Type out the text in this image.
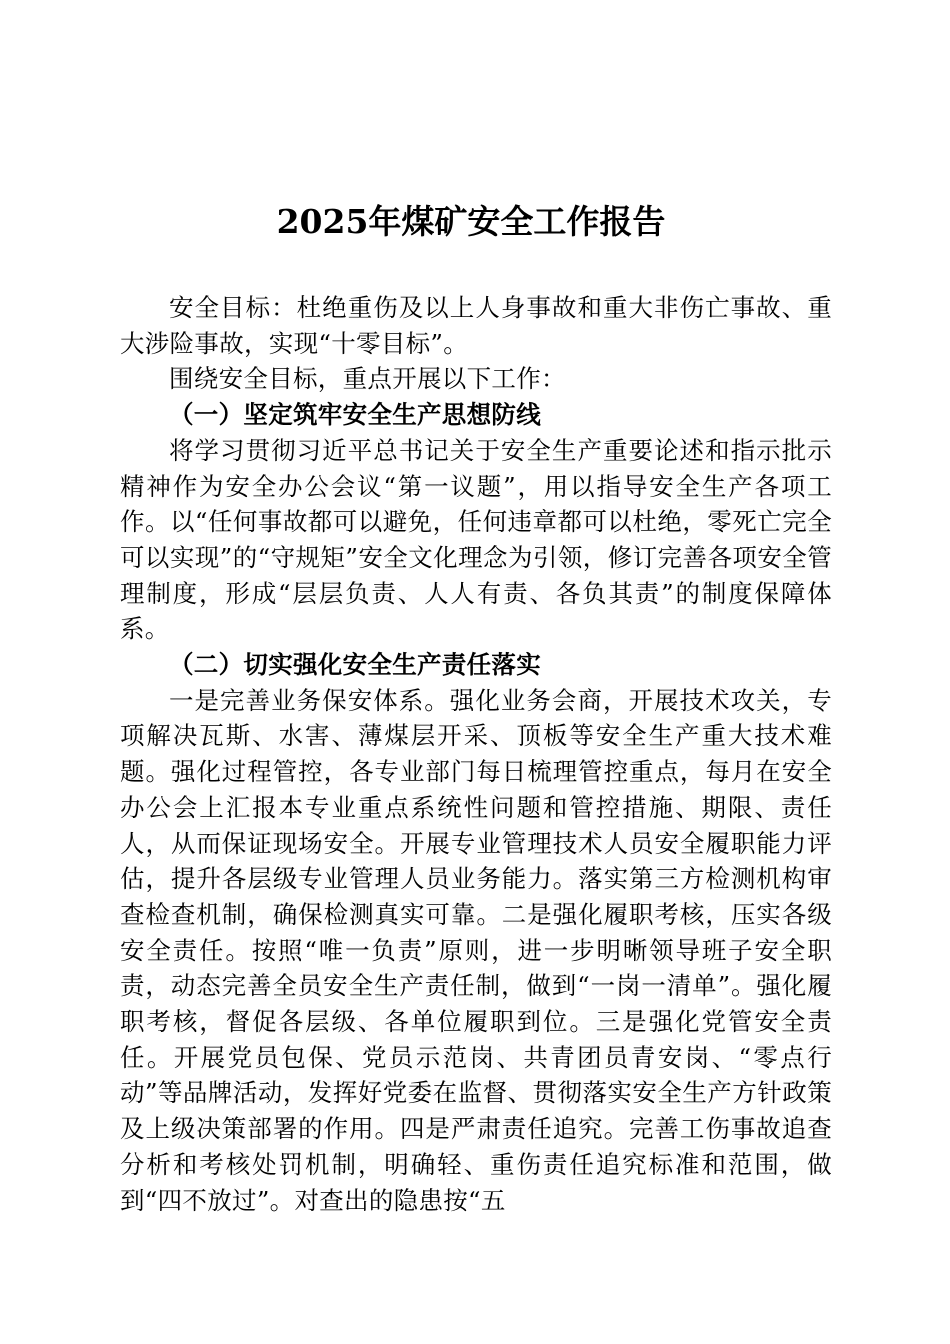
2025年煤矿安全工作报告

安全目标：杜绝重伤及以上人身事故和重大非伤亡事故、重大涉险事故，实现“十零目标”。

围绕安全目标，重点开展以下工作：

（一）坚定筑牢安全生产思想防线

将学习贯彻习近平总书记关于安全生产重要论述和指示批示精神作为安全办公会议“第一议题”，用以指导安全生产各项工作。以“任何事故都可以避免，任何违章都可以杜绝，零死亡完全可以实现”的“守规矩”安全文化理念为引领，修订完善各项安全管理制度，形成“层层负责、人人有责、各负其责”的制度保障体系。

（二）切实强化安全生产责任落实

一是完善业务保安体系。强化业务会商，开展技术攻关，专项解决瓦斯、水害、薄煤层开采、顶板等安全生产重大技术难题。强化过程管控，各专业部门每日梳理管控重点，每月在安全办公会上汇报本专业重点系统性问题和管控措施、期限、责任人，从而保证现场安全。开展专业管理技术人员安全履职能力评估，提升各层级专业管理人员业务能力。落实第三方检测机构审查检查机制，确保检测真实可靠。二是强化履职考核，压实各级安全责任。按照“唯一负责”原则，进一步明晰领导班子安全职责，动态完善全员安全生产责任制，做到“一岗一清单”。强化履职考核，督促各层级、各单位履职到位。三是强化党管安全责任。开展党员包保、党员示范岗、共青团员青安岗、“零点行动”等品牌活动，发挥好党委在监督、贯彻落实安全生产方针政策及上级决策部署的作用。四是严肃责任追究。完善工伤事故追查分析和考核处罚机制，明确轻、重伤责任追究标准和范围，做到“四不放过”。对查出的隐患按“五
